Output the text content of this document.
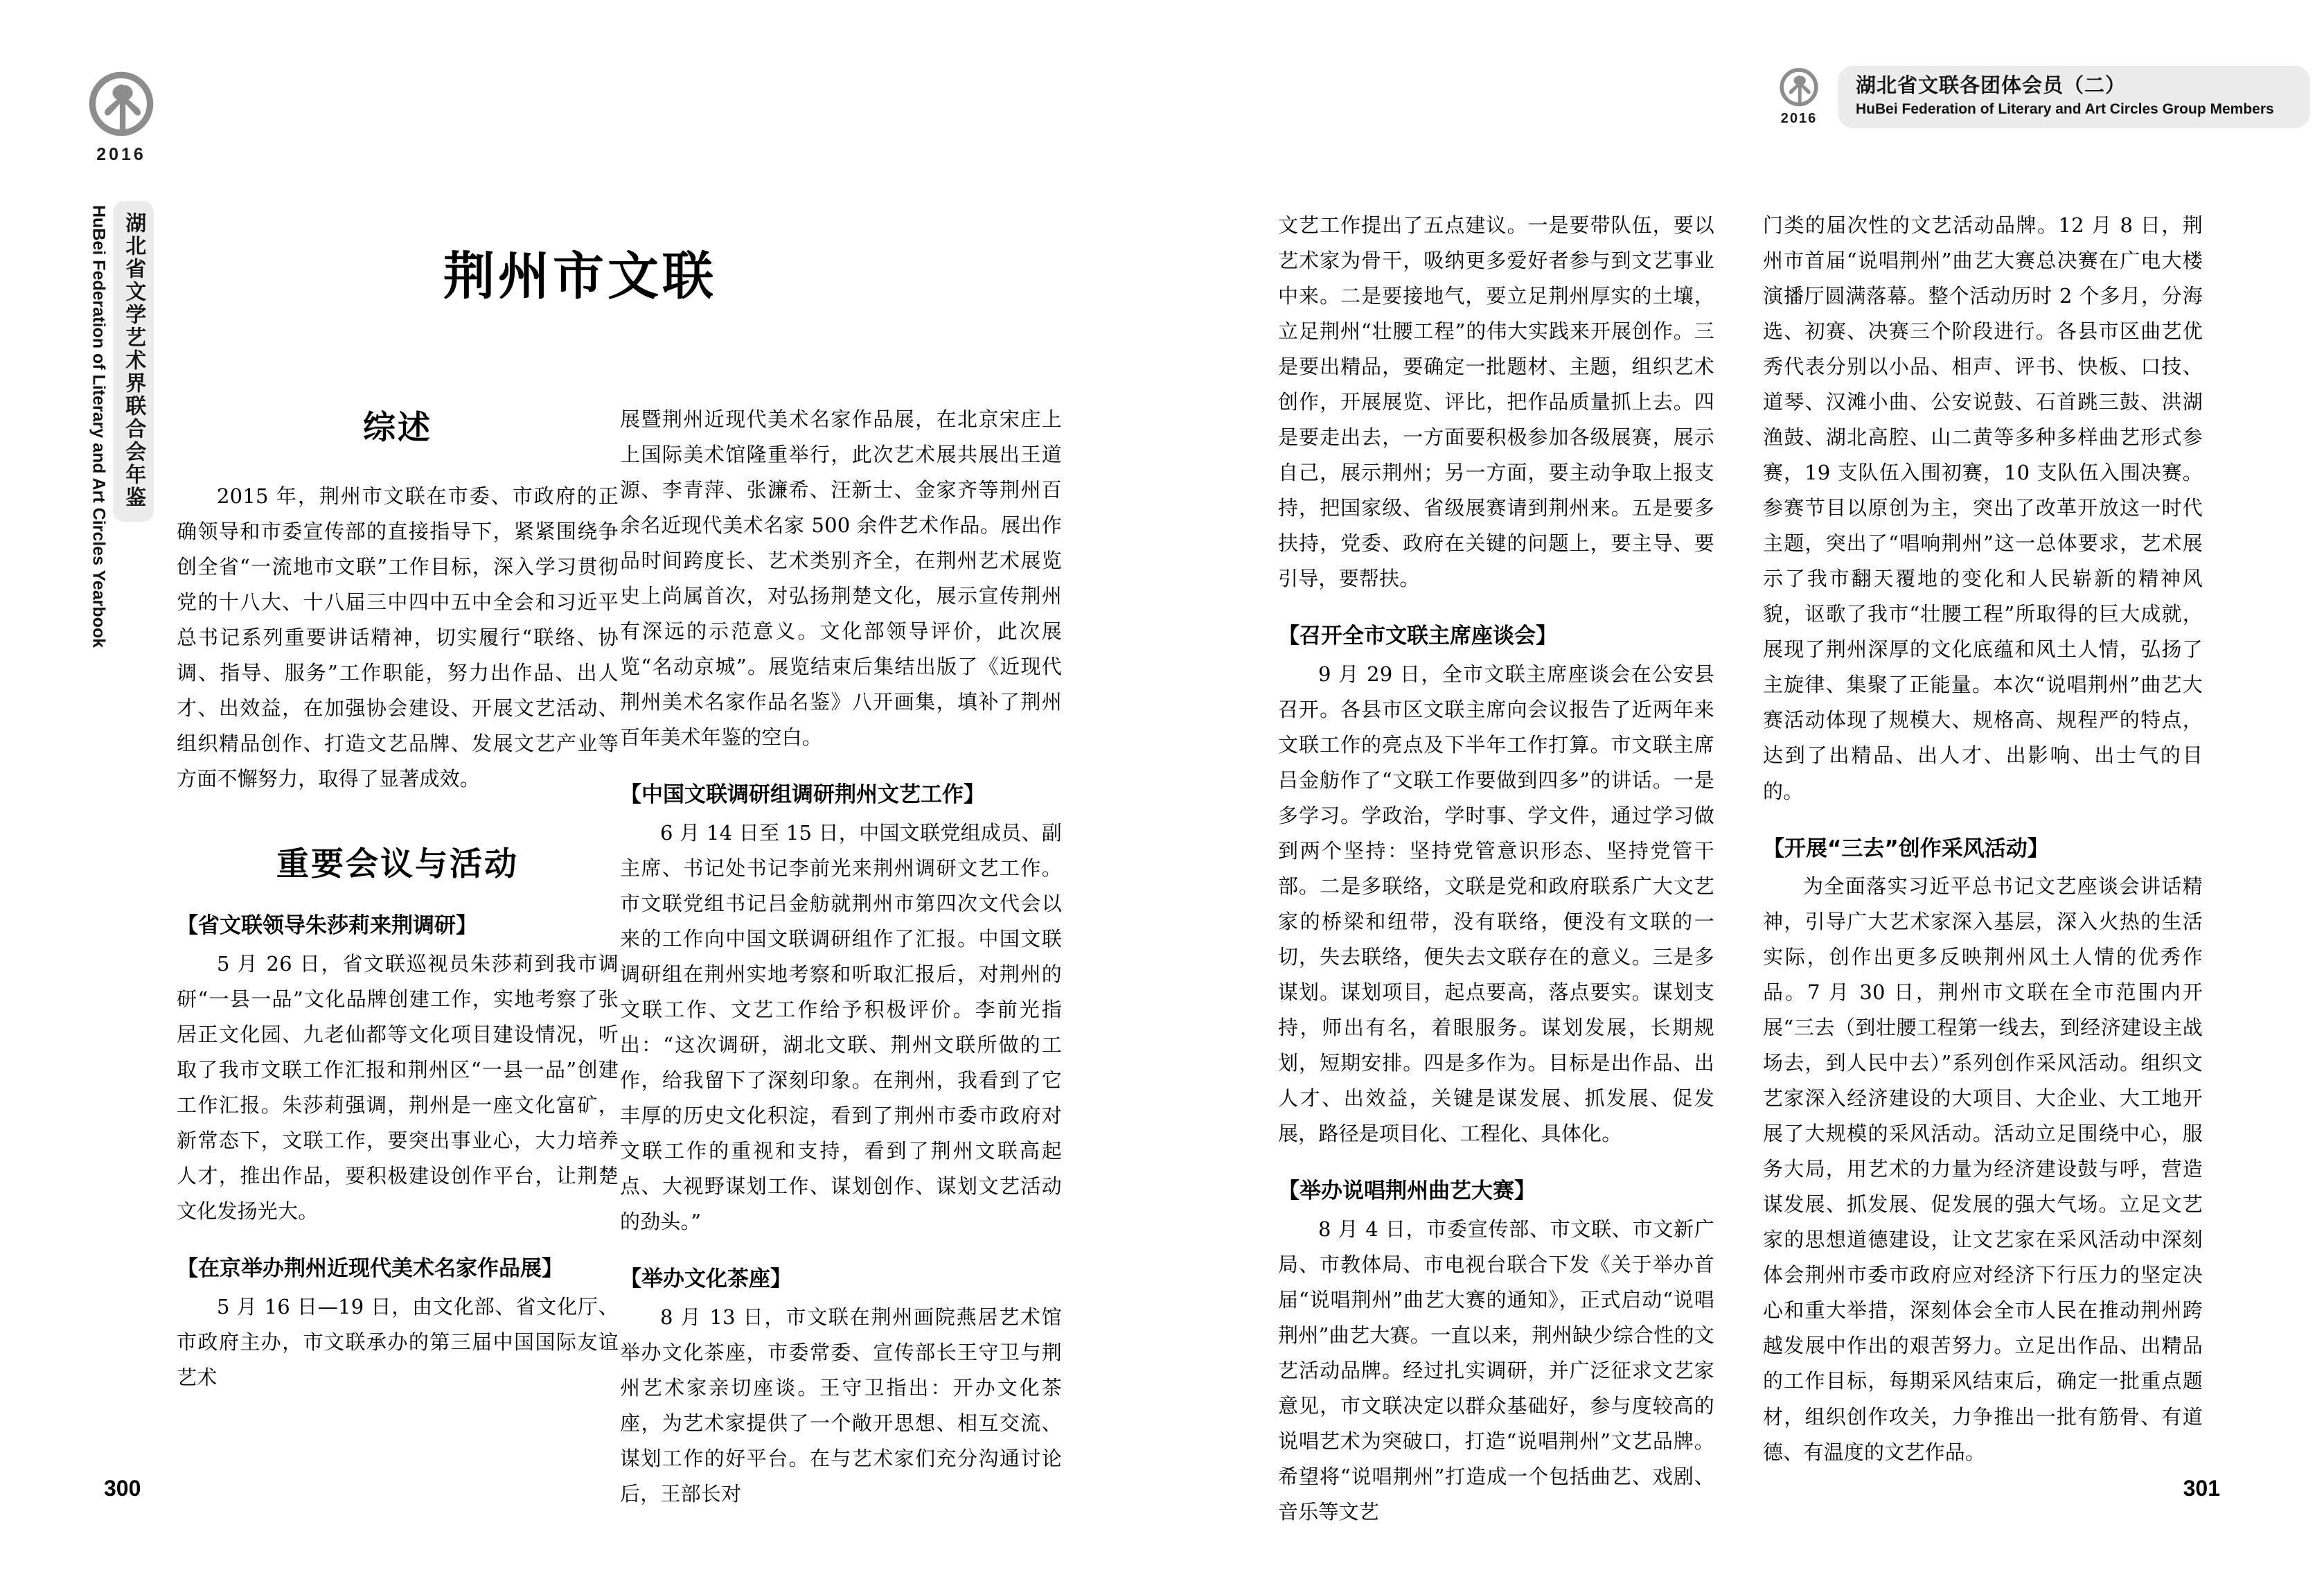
2016
湖北省文学艺术界联合会年鉴
HuBei Federation of Literary and Art Circles Yearbook	荆州市文联
综述

2015 年，荆州市文联在市委、市政府的正确领导和市委宣传部的直接指导下，紧紧围绕争创全省“一流地市文联”工作目标，深入学习贯彻党的十八大、十八届三中四中五中全会和习近平总书记系列重要讲话精神，切实履行“联络、协调、指导、服务”工作职能，努力出作品、出人才、出效益，在加强协会建设、开展文艺活动、组织精品创作、打造文艺品牌、发展文艺产业等方面不懈努力，取得了显著成效。

重要会议与活动
【省文联领导朱莎莉来荆调研】

5 月 26 日，省文联巡视员朱莎莉到我市调研“一县一品”文化品牌创建工作，实地考察了张居正文化园、九老仙都等文化项目建设情况，听取了我市文联工作汇报和荆州区“一县一品”创建工作汇报。朱莎莉强调，荆州是一座文化富矿，新常态下，文联工作，要突出事业心，大力培养人才，推出作品，要积极建设创作平台，让荆楚文化发扬光大。

【在京举办荆州近现代美术名家作品展】

5 月 16 日—19 日，由文化部、省文化厅、市政府主办，市文联承办的第三届中国国际友谊艺术

展暨荆州近现代美术名家作品展，在北京宋庄上上国际美术馆隆重举行，此次艺术展共展出王道源、李青萍、张濂希、汪新士、金家齐等荆州百余名近现代美术名家 500 余件艺术作品。展出作品时间跨度长、艺术类别齐全，在荆州艺术展览史上尚属首次，对弘扬荆楚文化，展示宣传荆州有深远的示范意义。文化部领导评价，此次展览“名动京城”。展览结束后集结出版了《近现代荆州美术名家作品名鉴》八开画集，填补了荆州百年美术年鉴的空白。

【中国文联调研组调研荆州文艺工作】

6 月 14 日至 15 日，中国文联党组成员、副主席、书记处书记李前光来荆州调研文艺工作。市文联党组书记吕金舫就荆州市第四次文代会以来的工作向中国文联调研组作了汇报。中国文联调研组在荆州实地考察和听取汇报后，对荆州的文联工作、文艺工作给予积极评价。李前光指出：“这次调研，湖北文联、荆州文联所做的工作，给我留下了深刻印象。在荆州，我看到了它丰厚的历史文化积淀，看到了荆州市委市政府对文联工作的重视和支持，看到了荆州文联高起点、大视野谋划工作、谋划创作、谋划文艺活动的劲头。”

【举办文化茶座】

8 月 13 日，市文联在荆州画院燕居艺术馆举办文化茶座，市委常委、宣传部长王守卫与荆州艺术家亲切座谈。王守卫指出：开办文化茶座，为艺术家提供了一个敞开思想、相互交流、谋划工作的好平台。在与艺术家们充分沟通讨论后，王部长对

300
2016
湖北省文联各团体会员（二）
HuBei Federation of Literary and Art Circles Group Members

文艺工作提出了五点建议。一是要带队伍，要以艺术家为骨干，吸纳更多爱好者参与到文艺事业中来。二是要接地气，要立足荆州厚实的土壤，立足荆州“壮腰工程”的伟大实践来开展创作。三是要出精品，要确定一批题材、主题，组织艺术创作，开展展览、评比，把作品质量抓上去。四是要走出去，一方面要积极参加各级展赛，展示自己，展示荆州；另一方面，要主动争取上报支持，把国家级、省级展赛请到荆州来。五是要多扶持，党委、政府在关键的问题上，要主导、要引导，要帮扶。

【召开全市文联主席座谈会】

9 月 29 日，全市文联主席座谈会在公安县召开。各县市区文联主席向会议报告了近两年来文联工作的亮点及下半年工作打算。市文联主席吕金舫作了“文联工作要做到四多”的讲话。一是多学习。学政治，学时事、学文件，通过学习做到两个坚持：坚持党管意识形态、坚持党管干部。二是多联络，文联是党和政府联系广大文艺家的桥梁和纽带，没有联络，便没有文联的一切，失去联络，便失去文联存在的意义。三是多谋划。谋划项目，起点要高，落点要实。谋划支持，师出有名，着眼服务。谋划发展，长期规划，短期安排。四是多作为。目标是出作品、出人才、出效益，关键是谋发展、抓发展、促发展，路径是项目化、工程化、具体化。

【举办说唱荆州曲艺大赛】

8 月 4 日，市委宣传部、市文联、市文新广局、市教体局、市电视台联合下发《关于举办首届“说唱荆州”曲艺大赛的通知》，正式启动“说唱荆州”曲艺大赛。一直以来，荆州缺少综合性的文艺活动品牌。经过扎实调研，并广泛征求文艺家意见，市文联决定以群众基础好，参与度较高的说唱艺术为突破口，打造“说唱荆州”文艺品牌。希望将“说唱荆州”打造成一个包括曲艺、戏剧、音乐等文艺

门类的届次性的文艺活动品牌。12 月 8 日，荆州市首届“说唱荆州”曲艺大赛总决赛在广电大楼演播厅圆满落幕。整个活动历时 2 个多月，分海选、初赛、决赛三个阶段进行。各县市区曲艺优秀代表分别以小品、相声、评书、快板、口技、道琴、汉滩小曲、公安说鼓、石首跳三鼓、洪湖渔鼓、湖北高腔、山二黄等多种多样曲艺形式参赛，19 支队伍入围初赛，10 支队伍入围决赛。参赛节目以原创为主，突出了改革开放这一时代主题，突出了“唱响荆州”这一总体要求，艺术展示了我市翻天覆地的变化和人民崭新的精神风貌，讴歌了我市“壮腰工程”所取得的巨大成就，展现了荆州深厚的文化底蕴和风土人情，弘扬了主旋律、集聚了正能量。本次“说唱荆州”曲艺大赛活动体现了规模大、规格高、规程严的特点，达到了出精品、出人才、出影响、出士气的目的。

【开展“三去”创作采风活动】

为全面落实习近平总书记文艺座谈会讲话精神，引导广大艺术家深入基层，深入火热的生活实际，创作出更多反映荆州风土人情的优秀作品。7 月 30 日，荆州市文联在全市范围内开展“三去（到壮腰工程第一线去，到经济建设主战场去，到人民中去）”系列创作采风活动。组织文艺家深入经济建设的大项目、大企业、大工地开展了大规模的采风活动。活动立足围绕中心，服务大局，用艺术的力量为经济建设鼓与呼，营造谋发展、抓发展、促发展的强大气场。立足文艺家的思想道德建设，让文艺家在采风活动中深刻体会荆州市委市政府应对经济下行压力的坚定决心和重大举措，深刻体会全市人民在推动荆州跨越发展中作出的艰苦努力。立足出作品、出精品的工作目标，每期采风结束后，确定一批重点题材，组织创作攻关，力争推出一批有筋骨、有道德、有温度的文艺作品。

301
